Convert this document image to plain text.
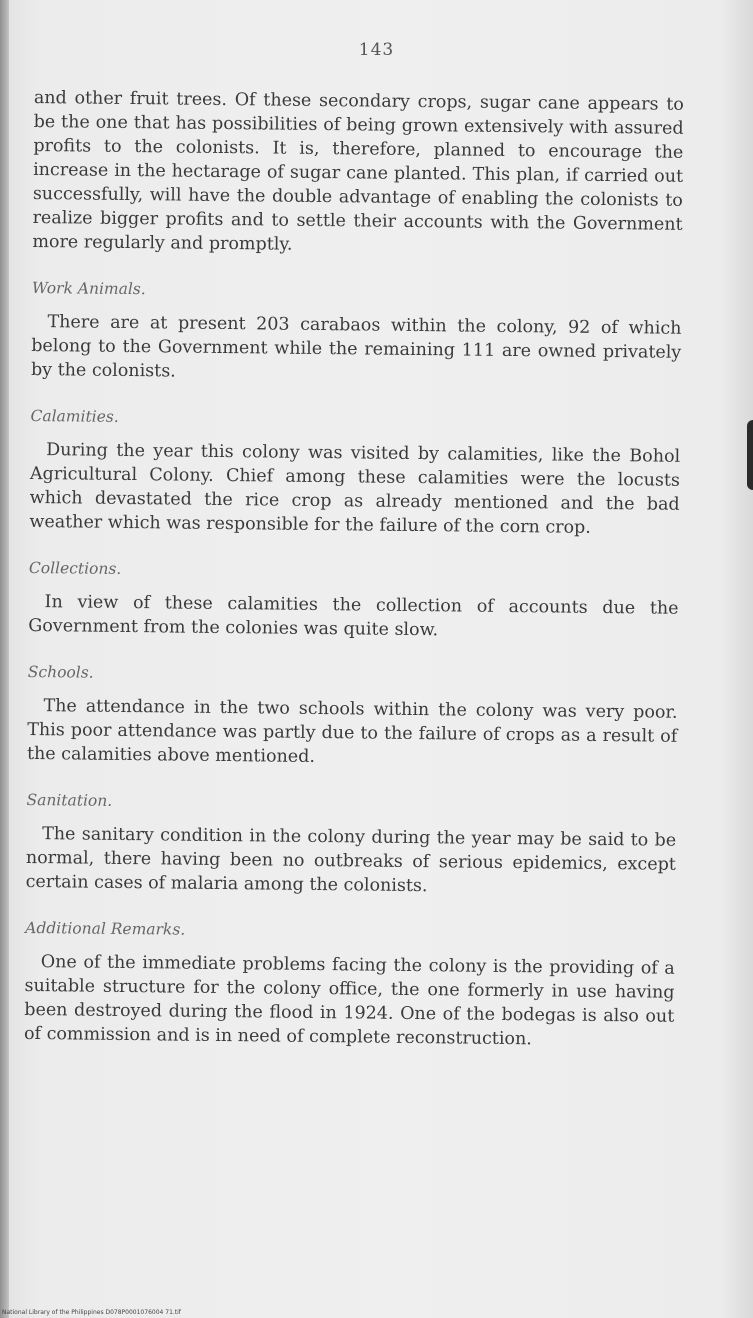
143

and other fruit trees. Of these secondary crops, sugar cane appears to be the one that has possibilities of being grown extensively with assured profits to the colonists. It is, therefore, planned to encourage the increase in the hectarage of sugar cane planted. This plan, if carried out successfully, will have the double advantage of enabling the colonists to realize bigger profits and to settle their accounts with the Government more regularly and promptly.

Work Animals.

There are at present 203 carabaos within the colony, 92 of which belong to the Government while the remaining 111 are owned privately by the colonists.

Calamities.

During the year this colony was visited by calamities, like the Bohol Agricultural Colony. Chief among these calamities were the locusts which devastated the rice crop as already mentioned and the bad weather which was responsible for the failure of the corn crop.

Collections.

In view of these calamities the collection of accounts due the Government from the colonies was quite slow.

Schools.

The attendance in the two schools within the colony was very poor. This poor attendance was partly due to the failure of crops as a result of the calamities above mentioned.

Sanitation.

The sanitary condition in the colony during the year may be said to be normal, there having been no outbreaks of serious epidemics, except certain cases of malaria among the colonists.

Additional Remarks.

One of the immediate problems facing the colony is the providing of a suitable structure for the colony office, the one formerly in use having been destroyed during the flood in 1924. One of the bodegas is also out of commission and is in need of complete reconstruction.

National Library of the Philippines D078P0001076004 71.tif
